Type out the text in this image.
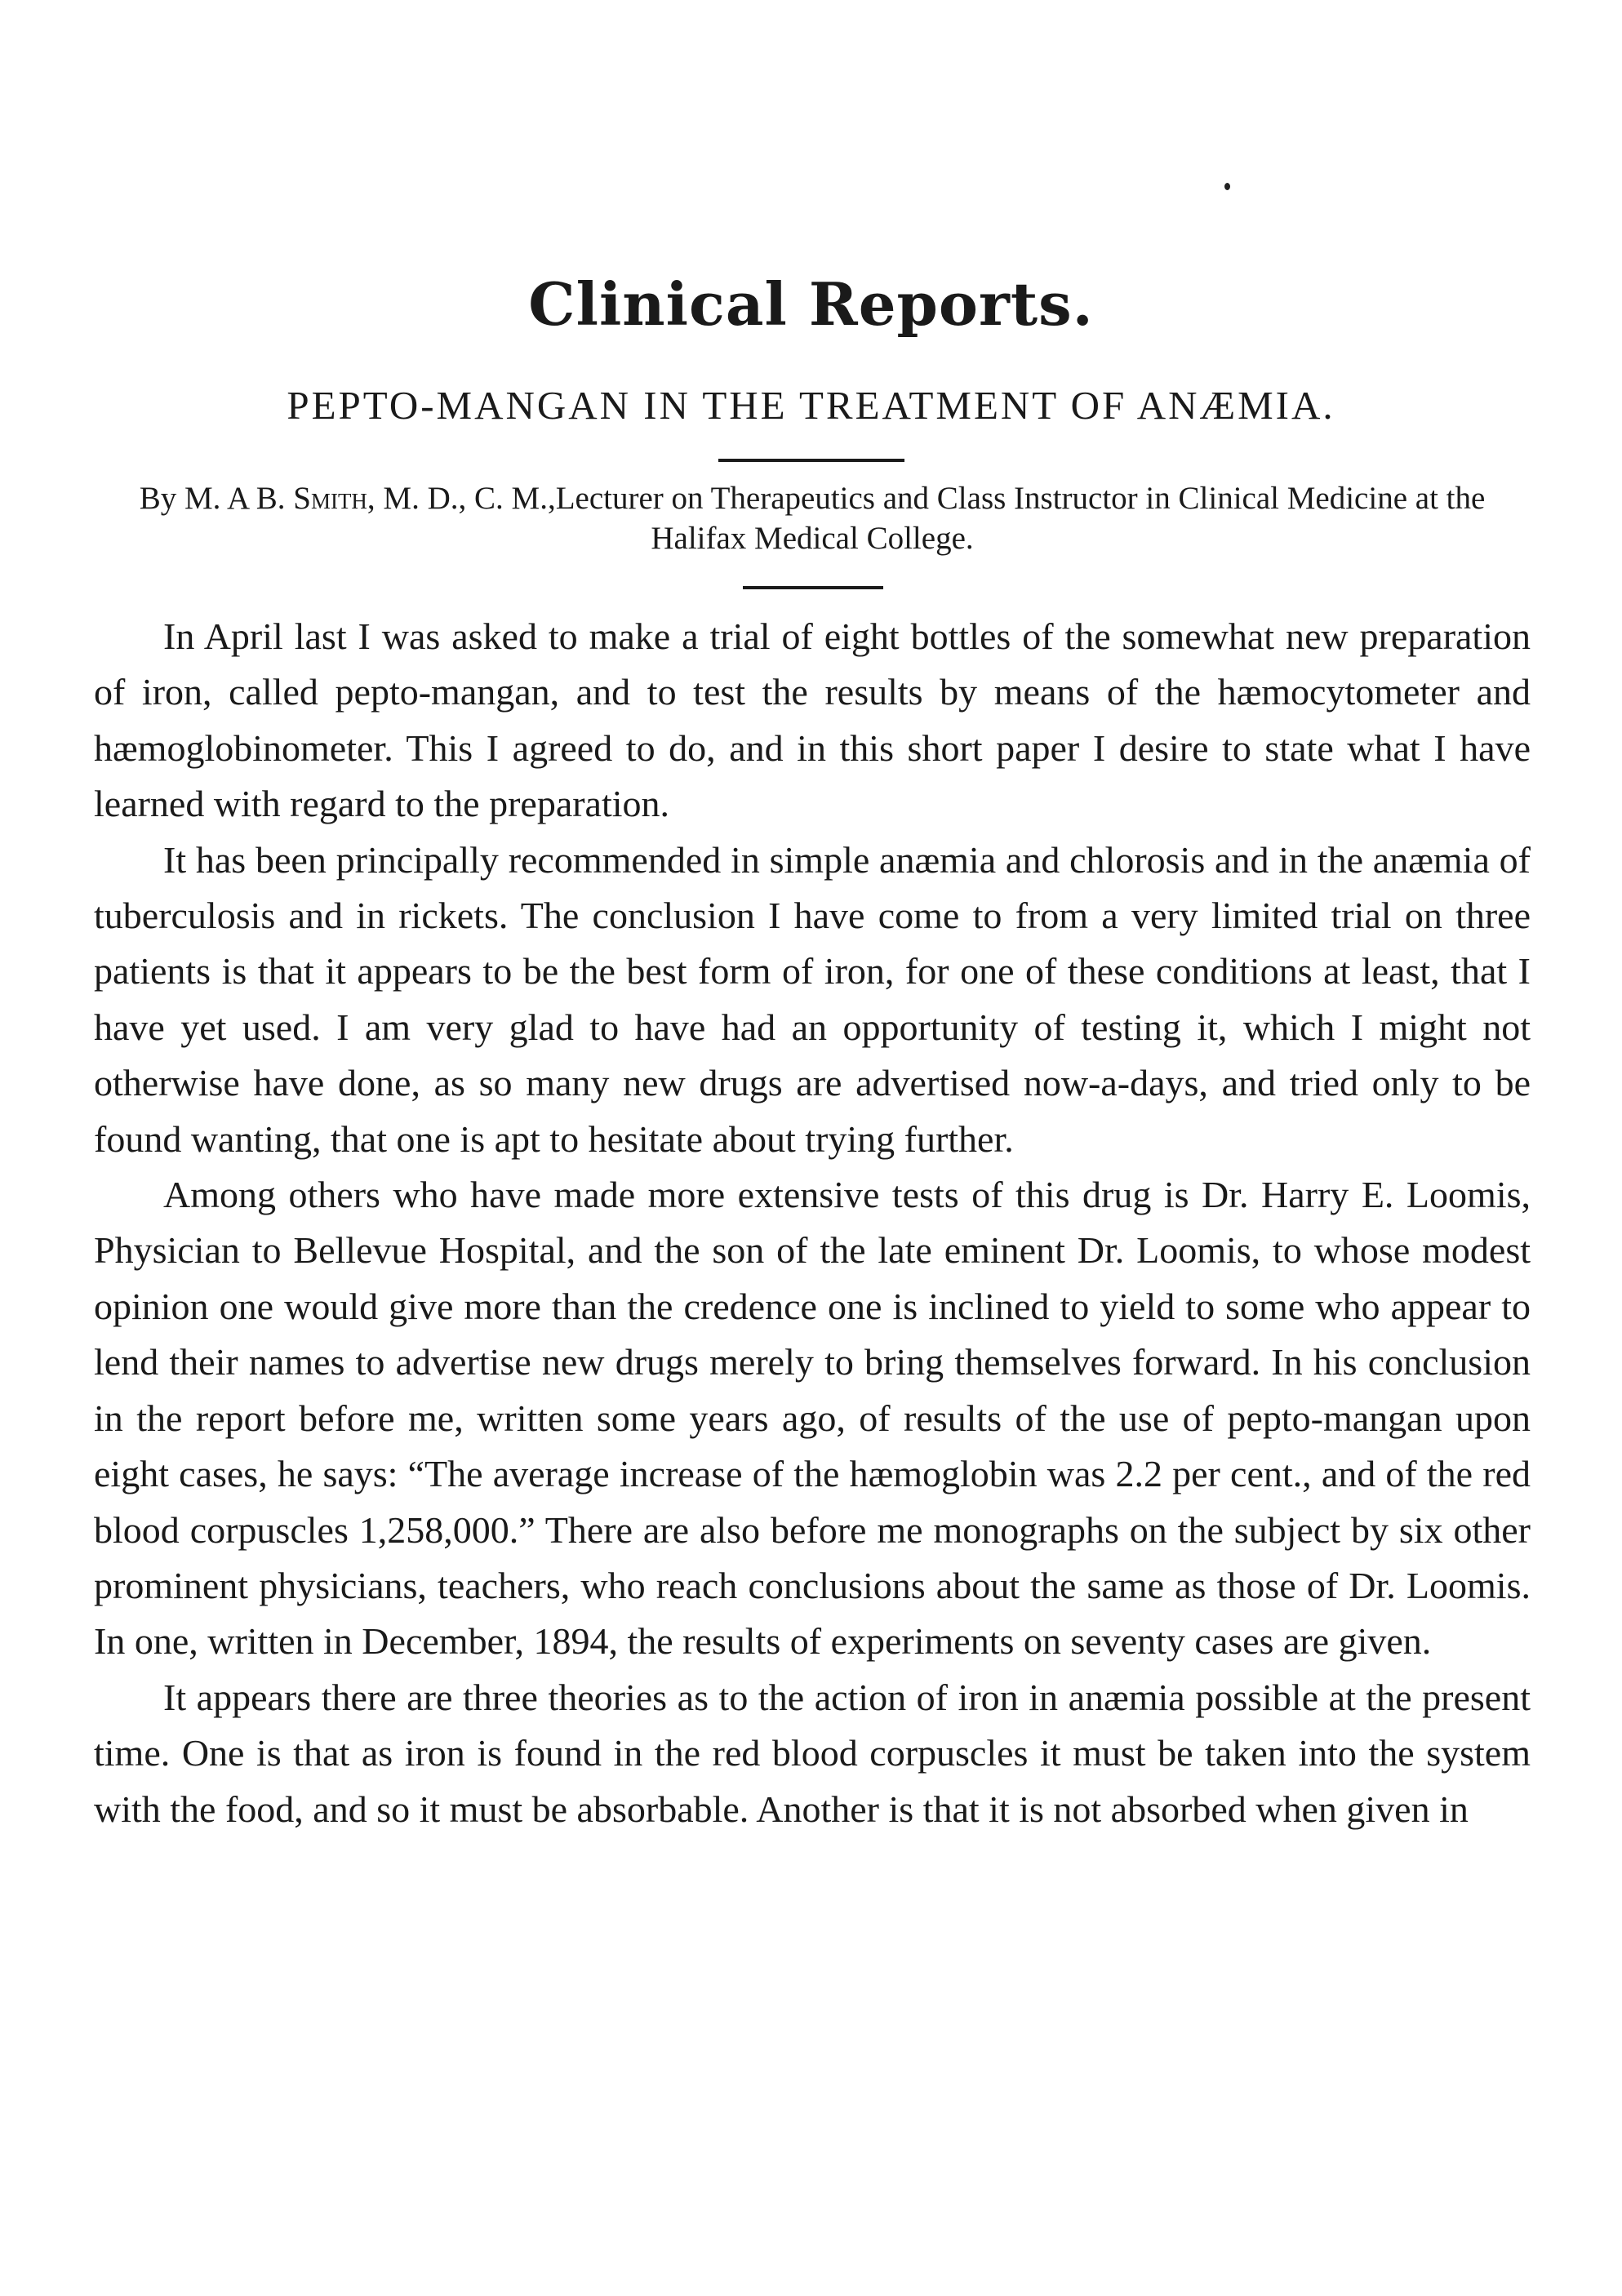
Clinical Reports.
PEPTO-MANGAN IN THE TREATMENT OF ANÆMIA.
By M. A B. Smith, M. D., C. M.,Lecturer on Therapeutics and Class Instructor in Clinical Medicine at the Halifax Medical College.

In April last I was asked to make a trial of eight bottles of the somewhat new preparation of iron, called pepto-mangan, and to test the results by means of the hæmocytometer and hæmoglobinometer. This I agreed to do, and in this short paper I desire to state what I have learned with regard to the preparation.

It has been principally recommended in simple anæmia and chlorosis and in the anæmia of tuberculosis and in rickets. The conclusion I have come to from a very limited trial on three patients is that it appears to be the best form of iron, for one of these conditions at least, that I have yet used. I am very glad to have had an opportunity of testing it, which I might not otherwise have done, as so many new drugs are advertised now-a-days, and tried only to be found wanting, that one is apt to hesitate about trying further.

Among others who have made more extensive tests of this drug is Dr. Harry E. Loomis, Physician to Bellevue Hospital, and the son of the late eminent Dr. Loomis, to whose modest opinion one would give more than the credence one is inclined to yield to some who appear to lend their names to advertise new drugs merely to bring themselves forward. In his conclusion in the report before me, written some years ago, of results of the use of pepto-mangan upon eight cases, he says: “The average increase of the hæmoglobin was 2.2 per cent., and of the red blood corpuscles 1,258,000.” There are also before me monographs on the subject by six other prominent physicians, teachers, who reach conclusions about the same as those of Dr. Loomis. In one, written in December, 1894, the results of experiments on seventy cases are given.

It appears there are three theories as to the action of iron in anæmia possible at the present time. One is that as iron is found in the red blood corpuscles it must be taken into the system with the food, and so it must be absorbable. Another is that it is not absorbed when given in
